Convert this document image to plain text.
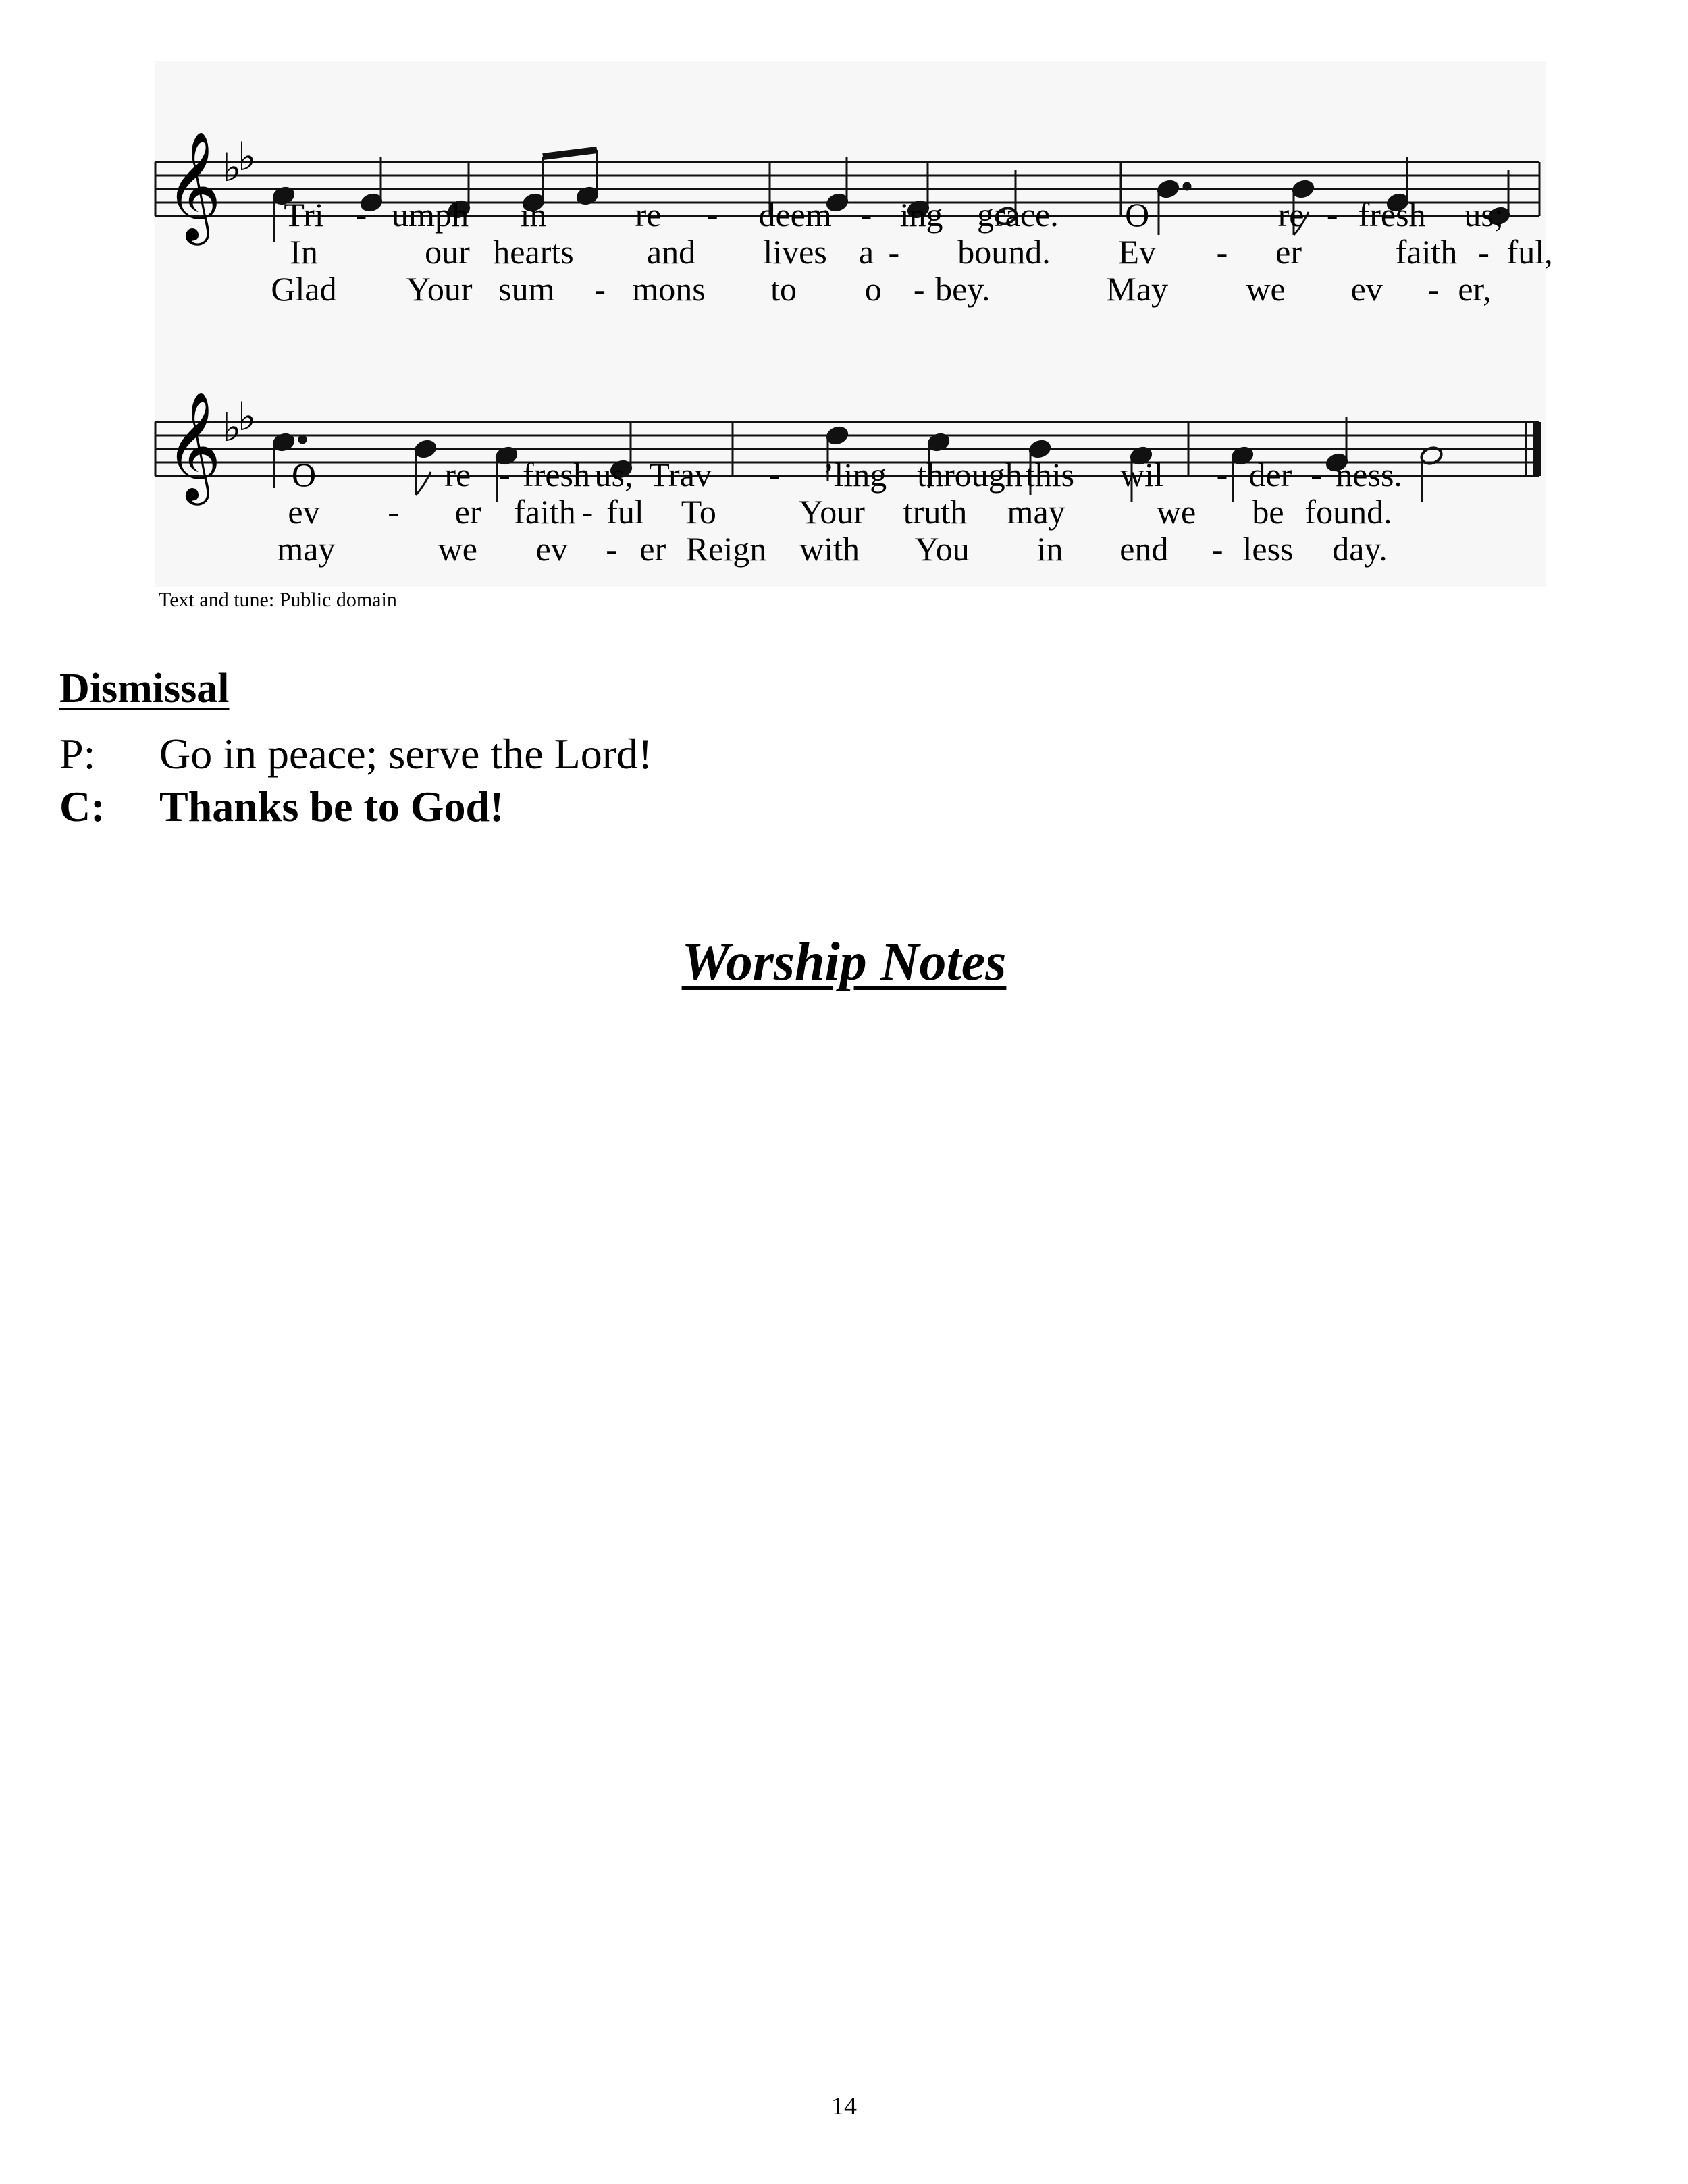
𝄞 ♭
♭
Tri - umph in	re - deem - ing grace. O	re - fresh us;
In	our hearts and lives a - bound. Ev - er	faith - ful,
Glad Your sum - mons to o - bey.	May we ev - er,
𝄞 ♭
♭
O	re - fresh us, Trav - ’ling through this wil - der - ness.
ev - er faith - ful To Your truth may	we be found.
may	we ev - er Reign with You in end - less day.
Text and tune: Public domain
Dismissal
P: Go in peace; serve the Lord!
C: Thanks be to God!
Worship Notes
14
